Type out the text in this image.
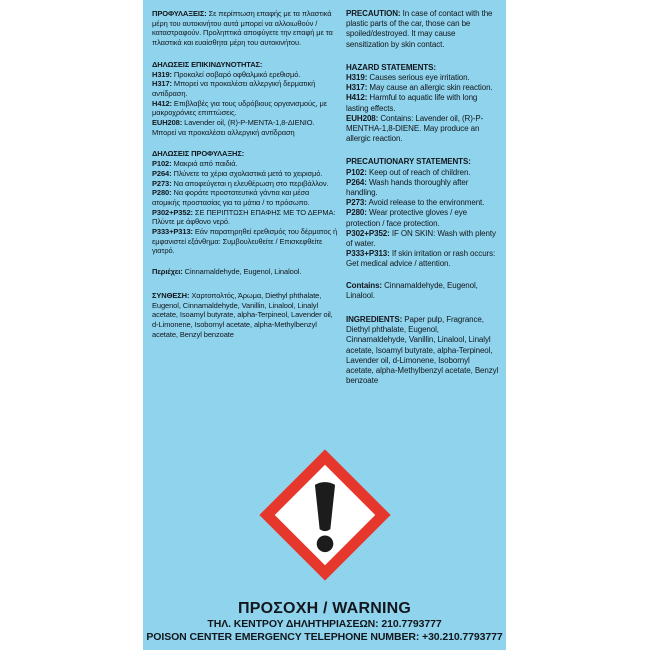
ΠΡΟΦΥΛΑΞΕΙΣ: Σε περίπτωση επαφής με τα πλαστικά μέρη του αυτοκινήτου αυτά μπορεί να αλλοιωθούν / καταστραφούν. Προληπτικά αποφύγετε την επαφή με τα πλαστικά και ευαίσθητα μέρη του αυτοκινήτου.

ΔΗΛΩΣΕΙΣ ΕΠΙΚΙΝΔΥΝΟΤΗΤΑΣ:

H319: Προκαλεί σοβαρό οφθαλμικό ερεθισμό.

H317: Μπορεί να προκαλέσει αλλεργική δερματική αντίδραση.

H412: Επιβλαβές για τους υδρόβιους οργανισμούς, με μακροχρόνιες επιπτώσεις.

EUH208: Lavender oil, (R)-P-MENTA-1,8-ΔΙΕΝΙΟ. Μπορεί να προκαλέσει αλλεργική αντίδραση

ΔΗΛΩΣΕΙΣ ΠΡΟΦΥΛΑΞΗΣ:

P102: Μακριά από παιδιά.

P264: Πλύνετε τα χέρια σχολαστικά μετά το χειρισμό.

P273: Να αποφεύγεται η ελευθέρωση στο περιβάλλον.

P280: Να φοράτε προστατευτικά γάντια και μέσα ατομικής προστασίας για τα μάτια / το πρόσωπο.

P302+P352: ΣΕ ΠΕΡΙΠΤΩΣΗ ΕΠΑΦΗΣ ΜΕ ΤΟ ΔΕΡΜΑ: Πλύντε με άφθονο νερό.

P333+P313: Εάν παρατηρηθεί ερεθισμός του δέρματος ή εμφανιστεί εξάνθημα: Συμβουλευθείτε / Επισκεφθείτε γιατρό.

Περιέχει: Cinnamaldehyde, Eugenol, Linalool.

ΣΥΝΘΕΣΗ: Χαρτοπολτός, Άρωμα, Diethyl phthalate, Eugenol, Cinnamaldehyde, Vanillin, Linalool, Linalyl acetate, Isoamyl butyrate, alpha-Terpineol, Lavender oil, d-Limonene, Isobornyl acetate, alpha-Methylbenzyl acetate, Benzyl benzoate

PRECAUTION: In case of contact with the plastic parts of the car, those can be spoiled/destroyed. It may cause sensitization by skin contact.

HAZARD STATEMENTS:

H319: Causes serious eye irritation.

H317: May cause an allergic skin reaction.

H412: Harmful to aquatic life with long lasting effects.

EUH208: Contains: Lavender oil, (R)-P-MENTHA-1,8-DIENE. May produce an allergic reaction.

PRECAUTIONARY STATEMENTS:

P102: Keep out of reach of children.

P264: Wash hands thoroughly after handling.

P273: Avoid release to the environment.

P280: Wear protective gloves / eye protection / face protection.

P302+P352: IF ON SKIN: Wash with plenty of water.

P333+P313: If skin irritation or rash occurs: Get medical advice / attention.

Contains: Cinnamaldehyde, Eugenol, Linalool.

INGREDIENTS: Paper pulp, Fragrance, Diethyl phthalate, Eugenol, Cinnamaldehyde, Vanillin, Linalool, Linalyl acetate, Isoamyl butyrate, alpha-Terpineol, Lavender oil, d-Limonene, Isobornyl acetate, alpha-Methylbenzyl acetate, Benzyl benzoate

ΠΡΟΣΟΧΗ / WARNING
ΤΗΛ. ΚΕΝΤΡΟΥ ΔΗΛΗΤΗΡΙΑΣΕΩΝ: 210.7793777
POISON CENTER EMERGENCY TELEPHONE NUMBER: +30.210.7793777
